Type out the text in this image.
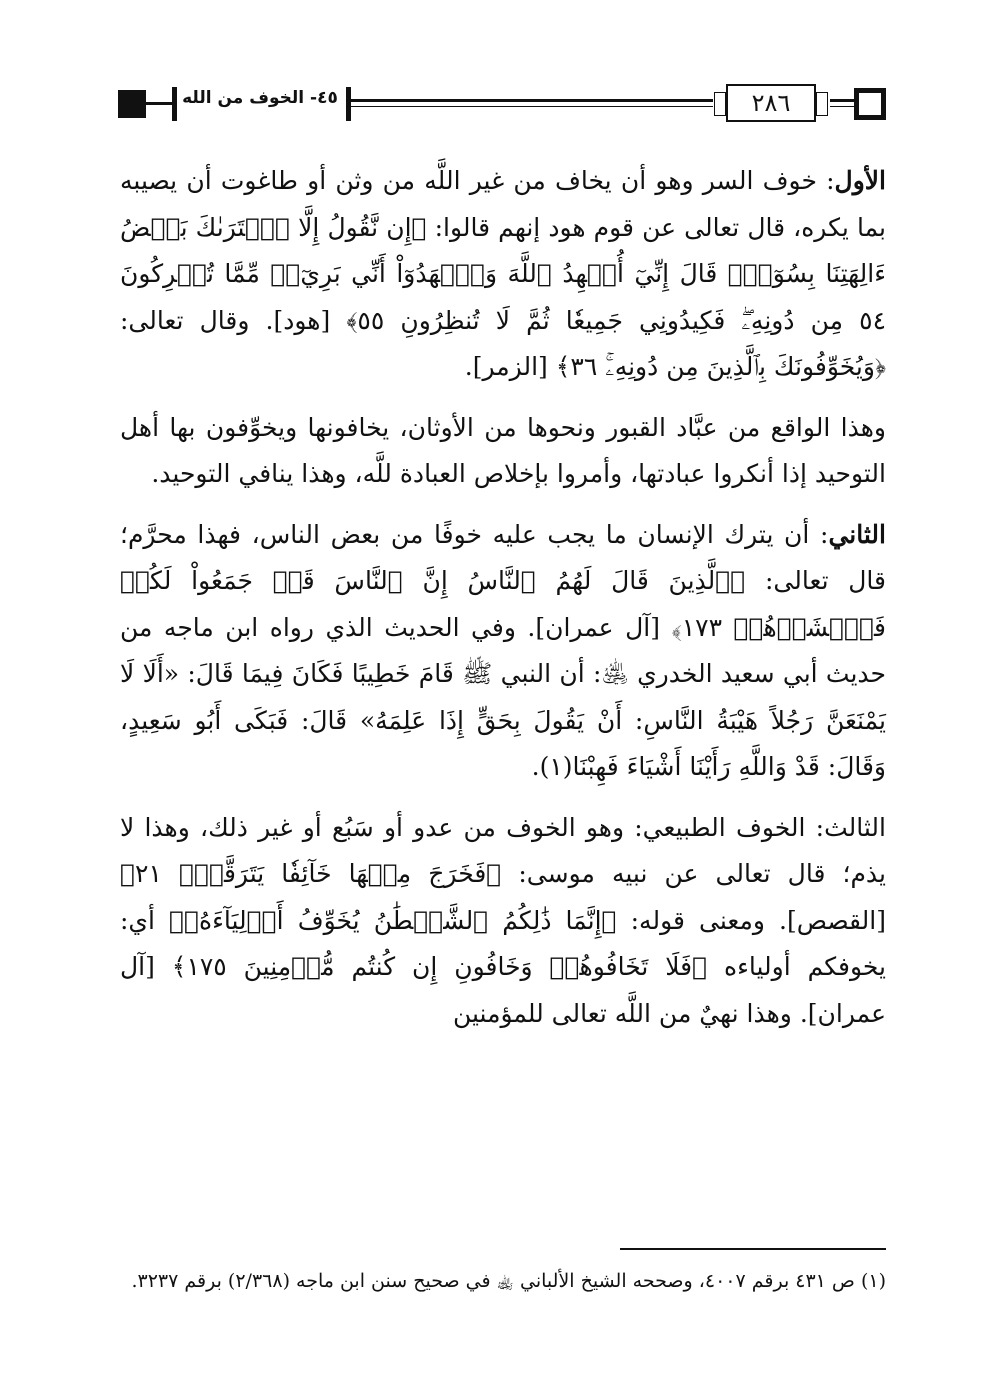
٤٥- الخوف من الله	٢٨٦

الأول: خوف السر وهو أن يخاف من غير اللَّه من وثن أو طاغوت أن يصيبه بما يكره، قال تعالى عن قوم هود إنهم قالوا: ﴿إِن نَّقُولُ إِلَّا ٱعۡتَرَىٰكَ بَعۡضُ ءَالِهَتِنَا بِسُوٓءٖۗ قَالَ إِنِّيٓ أُشۡهِدُ ٱللَّهَ وَٱشۡهَدُوٓاْ أَنِّي بَرِيٓءٞ مِّمَّا تُشۡرِكُونَ ٥٤ مِن دُونِهِۦۖ فَكِيدُونِي جَمِيعٗا ثُمَّ لَا تُنظِرُونِ ٥٥﴾ [هود]. وقال تعالى: ﴿وَيُخَوِّفُونَكَ بِٱلَّذِينَ مِن دُونِهِۦۚ ٣٦﴾ [الزمر].

وهذا الواقع من عبَّاد القبور ونحوها من الأوثان، يخافونها ويخوِّفون بها أهل التوحيد إذا أنكروا عبادتها، وأمروا بإخلاص العبادة للَّه، وهذا ينافي التوحيد.

الثاني: أن يترك الإنسان ما يجب عليه خوفًا من بعض الناس، فهذا محرَّم؛ قال تعالى: ﴿ٱلَّذِينَ قَالَ لَهُمُ ٱلنَّاسُ إِنَّ ٱلنَّاسَ قَدۡ جَمَعُواْ لَكُمۡ فَٱخۡشَوۡهُمۡ ١٧٣﴾ [آل عمران]. وفي الحديث الذي رواه ابن ماجه من حديث أبي سعيد الخدري ﵁: أن النبي ﷺ قَامَ خَطِيبًا فَكَانَ فِيمَا قَالَ: «أَلَا لَا يَمْنَعَنَّ رَجُلاً هَيْبَةُ النَّاسِ: أَنْ يَقُولَ بِحَقٍّ إِذَا عَلِمَهُ» قَالَ: فَبَكَى أَبُو سَعِيدٍ، وَقَالَ: قَدْ وَاللَّهِ رَأَيْنَا أَشْيَاءَ فَهِبْنَا(١).

الثالث: الخوف الطبيعي: وهو الخوف من عدو أو سَبُع أو غير ذلك، وهذا لا يذم؛ قال تعالى عن نبيه موسى: ﴿فَخَرَجَ مِنۡهَا خَآئِفٗا يَتَرَقَّبُۖ ٢١﴾ [القصص]. ومعنى قوله: ﴿إِنَّمَا ذَٰلِكُمُ ٱلشَّيۡطَٰنُ يُخَوِّفُ أَوۡلِيَآءَهُۥ﴾ أي: يخوفكم أولياءه ﴿فَلَا تَخَافُوهُمۡ وَخَافُونِ إِن كُنتُم مُّؤۡمِنِينَ ١٧٥﴾ [آل عمران]. وهذا نهيٌ من اللَّه تعالى للمؤمنين

(١) ص ٤٣١ برقم ٤٠٠٧، وصححه الشيخ الألباني ﵀ في صحيح سنن ابن ماجه (٢/٣٦٨) برقم ٣٢٣٧.
